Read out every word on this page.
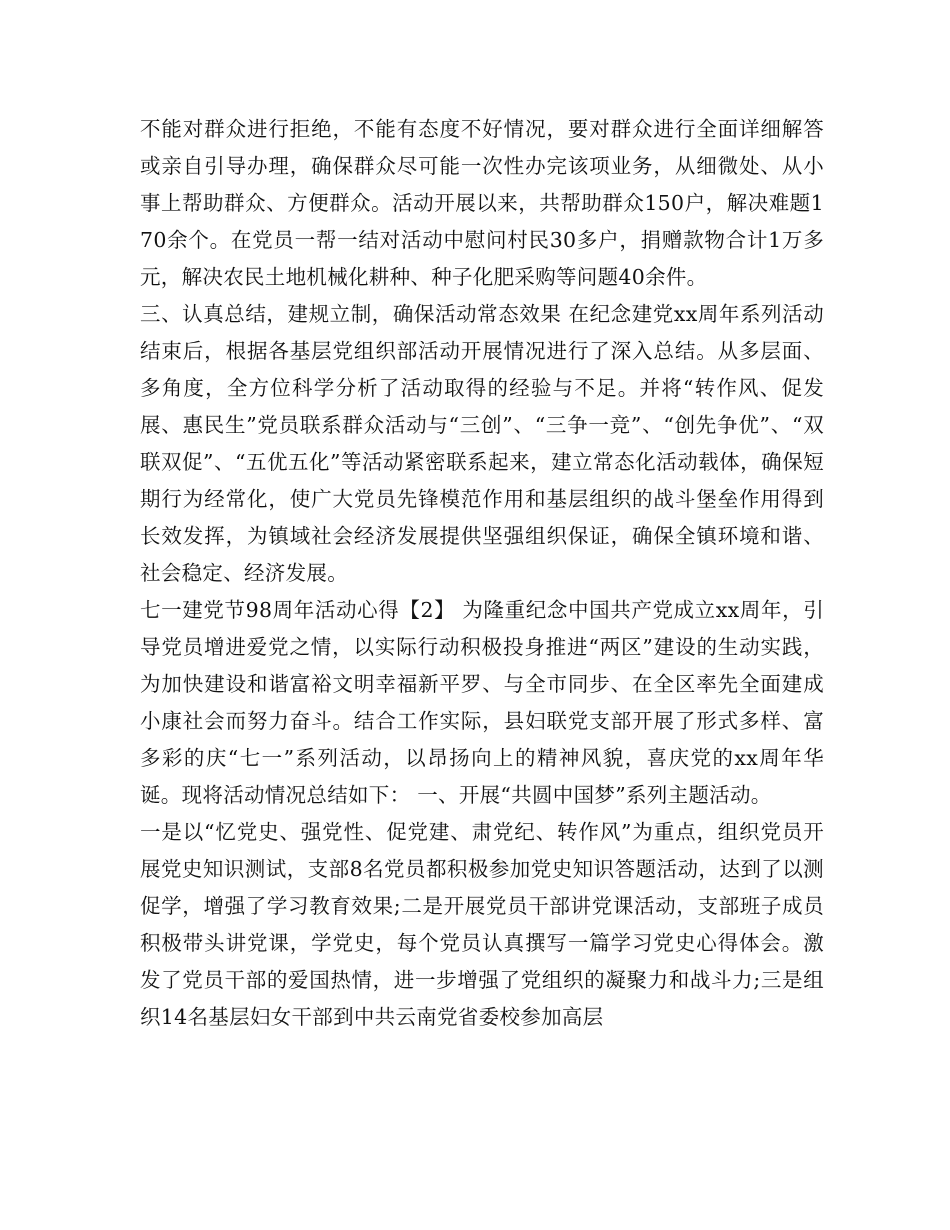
不能对群众进行拒绝，不能有态度不好情况，要对群众进行全面详细解答或亲自引导办理，确保群众尽可能一次性办完该项业务，从细微处、从小事上帮助群众、方便群众。活动开展以来，共帮助群众150户，解决难题170余个。在党员一帮一结对活动中慰问村民30多户，捐赠款物合计1万多元，解决农民土地机械化耕种、种子化肥采购等问题40余件。

三、认真总结，建规立制，确保活动常态效果 在纪念建党xx周年系列活动结束后，根据各基层党组织部活动开展情况进行了深入总结。从多层面、多角度，全方位科学分析了活动取得的经验与不足。并将“转作风、促发展、惠民生”党员联系群众活动与“三创”、“三争一竞”、“创先争优”、“双联双促”、“五优五化”等活动紧密联系起来，建立常态化活动载体，确保短期行为经常化，使广大党员先锋模范作用和基层组织的战斗堡垒作用得到长效发挥，为镇域社会经济发展提供坚强组织保证，确保全镇环境和谐、社会稳定、经济发展。

七一建党节98周年活动心得【2】 为隆重纪念中国共产党成立xx周年，引导党员增进爱党之情，以实际行动积极投身推进“两区”建设的生动实践，为加快建设和谐富裕文明幸福新平罗、与全市同步、在全区率先全面建成小康社会而努力奋斗。结合工作实际，县妇联党支部开展了形式多样、富多彩的庆“七一”系列活动，以昂扬向上的精神风貌，喜庆党的xx周年华诞。现将活动情况总结如下： 一、开展“共圆中国梦”系列主题活动。

一是以“忆党史、强党性、促党建、肃党纪、转作风”为重点，组织党员开展党史知识测试，支部8名党员都积极参加党史知识答题活动，达到了以测促学，增强了学习教育效果;二是开展党员干部讲党课活动，支部班子成员积极带头讲党课，学党史，每个党员认真撰写一篇学习党史心得体会。激发了党员干部的爱国热情，进一步增强了党组织的凝聚力和战斗力;三是组织14名基层妇女干部到中共云南党省委校参加高层
